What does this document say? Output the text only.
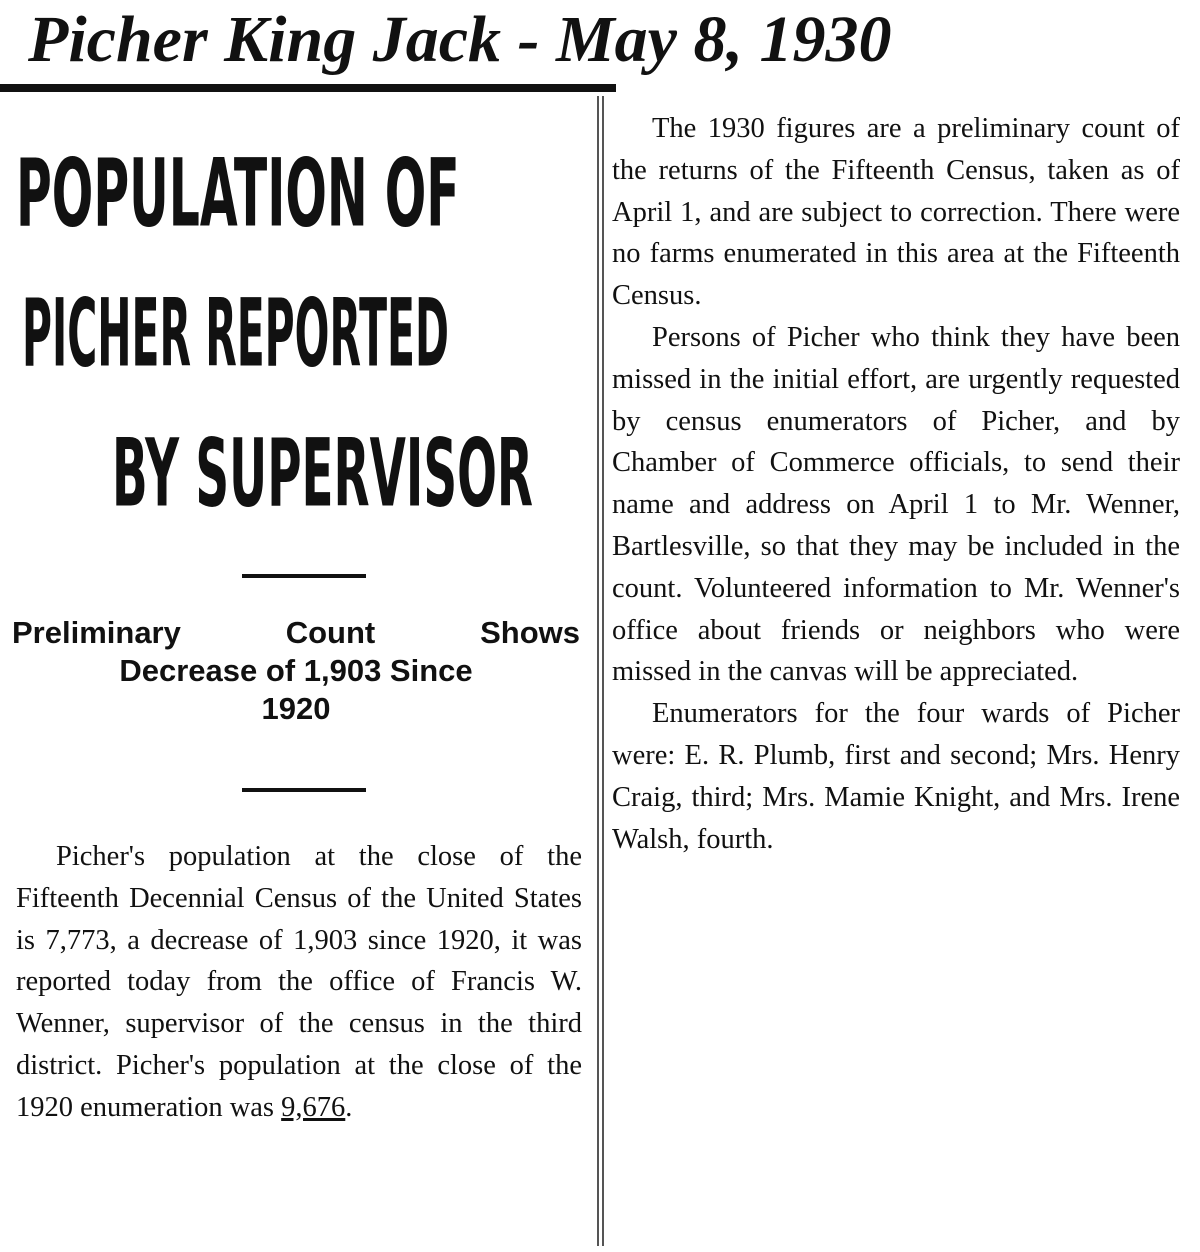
Picher King Jack - May 8, 1930
POPULATION OF
PICHER REPORTED
BY SUPERVISOR
Preliminary Count Shows
Decrease of 1,903 Since
1920

Picher's population at the close of the Fifteenth Decennial Census of the United States is 7,773, a decrease of 1,903 since 1920, it was reported today from the office of Francis W. Wenner, supervisor of the census in the third district. Picher's population at the close of the 1920 enumeration was 9,676.

The 1930 figures are a preliminary count of the returns of the Fifteenth Census, taken as of April 1, and are subject to correction. There were no farms enumerated in this area at the Fifteenth Census.

Persons of Picher who think they have been missed in the initial effort, are urgently requested by census enumerators of Picher, and by Chamber of Commerce officials, to send their name and address on April 1 to Mr. Wenner, Bartlesville, so that they may be included in the count. Volunteered information to Mr. Wenner's office about friends or neighbors who were missed in the canvas will be appreciated.

Enumerators for the four wards of Picher were: E. R. Plumb, first and second; Mrs. Henry Craig, third; Mrs. Mamie Knight, and Mrs. Irene Walsh, fourth.
